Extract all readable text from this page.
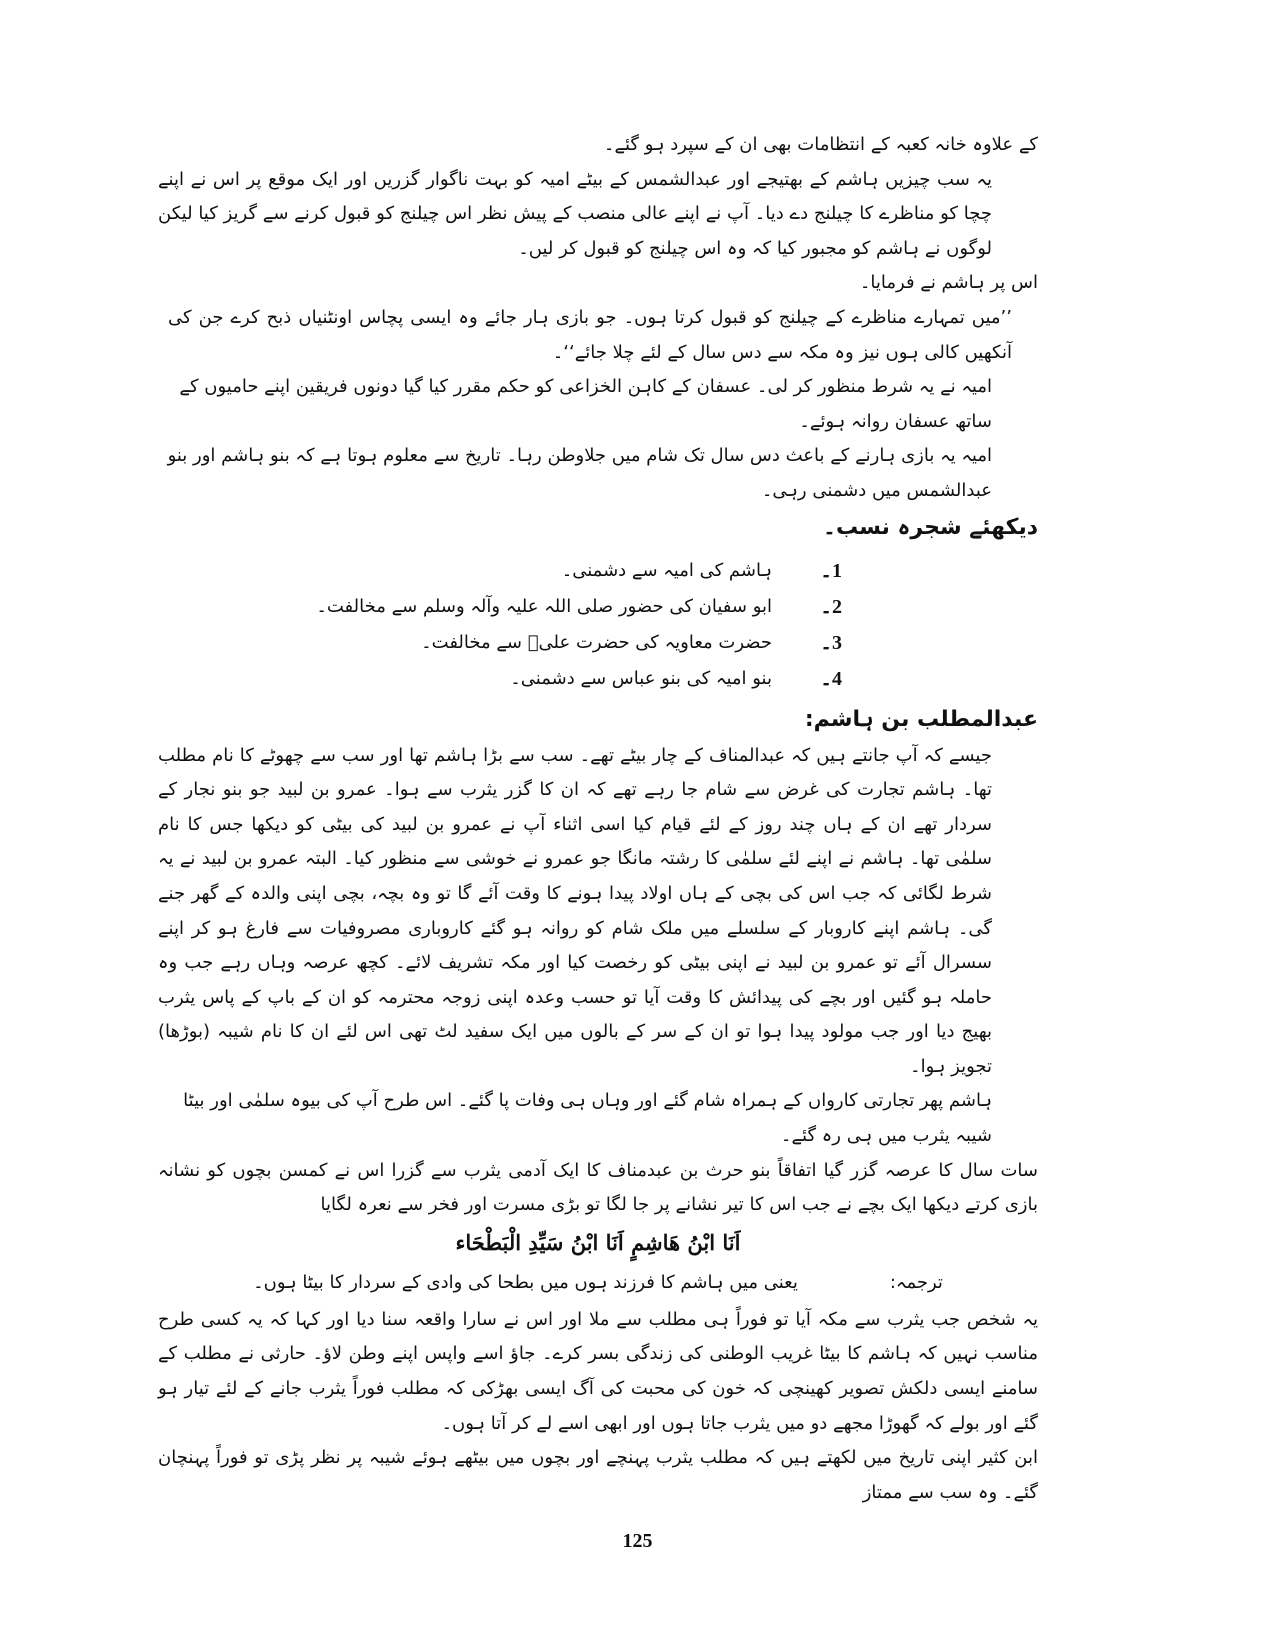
کے علاوہ خانہ کعبہ کے انتظامات بھی ان کے سپرد ہو گئے۔

یہ سب چیزیں ہاشم کے بھتیجے اور عبدالشمس کے بیٹے امیہ کو بہت ناگوار گزریں اور ایک موقع پر اس نے اپنے چچا کو مناظرے کا چیلنج دے دیا۔ آپ نے اپنے عالی منصب کے پیش نظر اس چیلنج کو قبول کرنے سے گریز کیا لیکن لوگوں نے ہاشم کو مجبور کیا کہ وہ اس چیلنج کو قبول کر لیں۔

اس پر ہاشم نے فرمایا۔

’’میں تمہارے مناظرے کے چیلنج کو قبول کرتا ہوں۔ جو بازی ہار جائے وہ ایسی پچاس اونٹنیاں ذبح کرے جن کی آنکھیں کالی ہوں نیز وہ مکہ سے دس سال کے لئے چلا جائے‘‘۔

امیہ نے یہ شرط منظور کر لی۔ عسفان کے کاہن الخزاعی کو حکم مقرر کیا گیا دونوں فریقین اپنے حامیوں کے ساتھ عسفان روانہ ہوئے۔

امیہ یہ بازی ہارنے کے باعث دس سال تک شام میں جلاوطن رہا۔ تاریخ سے معلوم ہوتا ہے کہ بنو ہاشم اور بنو عبدالشمس میں دشمنی رہی۔

دیکھئے شجرہ نسب۔

1۔
ہاشم کی امیہ سے دشمنی۔
2۔
ابو سفیان کی حضور صلی اللہ علیہ وآلہ وسلم سے مخالفت۔
3۔
حضرت معاویہ کی حضرت علیؓ سے مخالفت۔
4۔
بنو امیہ کی بنو عباس سے دشمنی۔

عبدالمطلب بن ہاشم:

جیسے کہ آپ جانتے ہیں کہ عبدالمناف کے چار بیٹے تھے۔ سب سے بڑا ہاشم تھا اور سب سے چھوٹے کا نام مطلب تھا۔ ہاشم تجارت کی غرض سے شام جا رہے تھے کہ ان کا گزر یثرب سے ہوا۔ عمرو بن لبید جو بنو نجار کے سردار تھے ان کے ہاں چند روز کے لئے قیام کیا اسی اثناء آپ نے عمرو بن لبید کی بیٹی کو دیکھا جس کا نام سلمٰی تھا۔ ہاشم نے اپنے لئے سلمٰی کا رشتہ مانگا جو عمرو نے خوشی سے منظور کیا۔ البتہ عمرو بن لبید نے یہ شرط لگائی کہ جب اس کی بچی کے ہاں اولاد پیدا ہونے کا وقت آئے گا تو وہ بچہ، بچی اپنی والدہ کے گھر جنے گی۔ ہاشم اپنے کاروبار کے سلسلے میں ملک شام کو روانہ ہو گئے کاروباری مصروفیات سے فارغ ہو کر اپنے سسرال آئے تو عمرو بن لبید نے اپنی بیٹی کو رخصت کیا اور مکہ تشریف لائے۔ کچھ عرصہ وہاں رہے جب وہ حاملہ ہو گئیں اور بچے کی پیدائش کا وقت آیا تو حسب وعدہ اپنی زوجہ محترمہ کو ان کے باپ کے پاس یثرب بھیج دیا اور جب مولود پیدا ہوا تو ان کے سر کے بالوں میں ایک سفید لٹ تھی اس لئے ان کا نام شیبہ (بوڑھا) تجویز ہوا۔

ہاشم پھر تجارتی کارواں کے ہمراہ شام گئے اور وہاں ہی وفات پا گئے۔ اس طرح آپ کی بیوہ سلمٰی اور بیٹا شیبہ یثرب میں ہی رہ گئے۔

سات سال کا عرصہ گزر گیا اتفاقاً بنو حرث بن عبدمناف کا ایک آدمی یثرب سے گزرا اس نے کمسن بچوں کو نشانہ بازی کرتے دیکھا ایک بچے نے جب اس کا تیر نشانے پر جا لگا تو بڑی مسرت اور فخر سے نعرہ لگایا

اَنَا ابْنُ ھَاشِمٍ اَنَا ابْنُ سَیِّدِ الْبَطْحَاء

ترجمہ:
یعنی میں ہاشم کا فرزند ہوں میں بطحا کی وادی کے سردار کا بیٹا ہوں۔

یہ شخص جب یثرب سے مکہ آیا تو فوراً ہی مطلب سے ملا اور اس نے سارا واقعہ سنا دیا اور کہا کہ یہ کسی طرح مناسب نہیں کہ ہاشم کا بیٹا غریب الوطنی کی زندگی بسر کرے۔ جاؤ اسے واپس اپنے وطن لاؤ۔ حارثی نے مطلب کے سامنے ایسی دلکش تصویر کھینچی کہ خون کی محبت کی آگ ایسی بھڑکی کہ مطلب فوراً یثرب جانے کے لئے تیار ہو گئے اور بولے کہ گھوڑا مجھے دو میں یثرب جاتا ہوں اور ابھی اسے لے کر آتا ہوں۔

ابن کثیر اپنی تاریخ میں لکھتے ہیں کہ مطلب یثرب پہنچے اور بچوں میں بیٹھے ہوئے شیبہ پر نظر پڑی تو فوراً پہنچان گئے۔ وہ سب سے ممتاز

125
